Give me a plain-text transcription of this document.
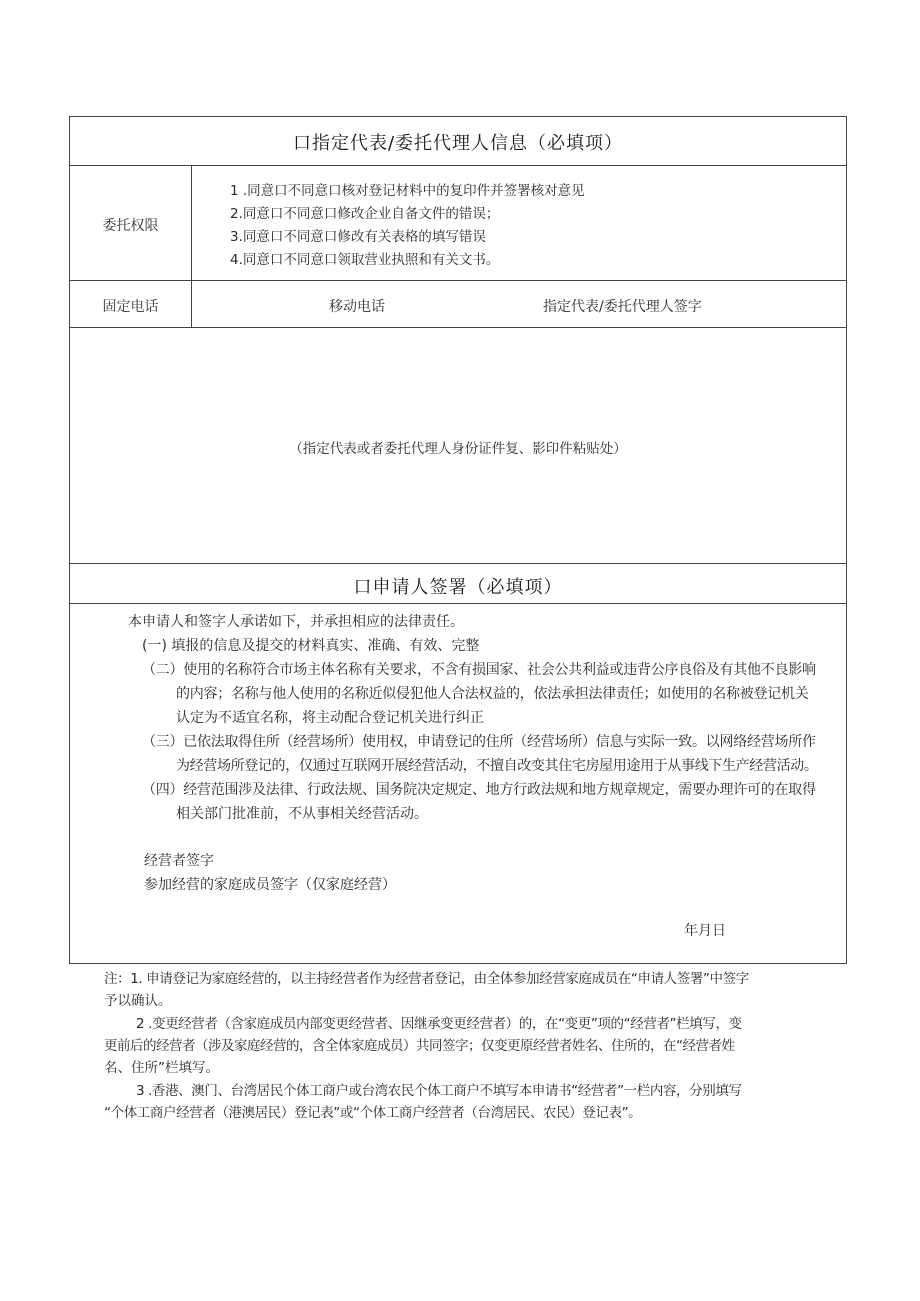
口指定代表/委托代理人信息（必填项）
委托权限
1 .同意口不同意口核对登记材料中的复印件并签署核对意见
2.同意口不同意口修改企业自备文件的错误；
3.同意口不同意口修改有关表格的填写错误
4.同意口不同意口领取营业执照和有关文书。
固定电话	移动电话	指定代表/委托代理人签字
（指定代表或者委托代理人身份证件复、影印件粘贴处）
口申请人签署（必填项）
本申请人和签字人承诺如下，并承担相应的法律责任。
(一) 填报的信息及提交的材料真实、准确、有效、完整
（二）使用的名称符合市场主体名称有关要求，不含有损国家、社会公共利益或违背公序良俗及有其他不良影响
的内容；名称与他人使用的名称近似侵犯他人合法权益的，依法承担法律责任；如使用的名称被登记机关
认定为不适宜名称，将主动配合登记机关进行纠正
（三）已依法取得住所（经营场所）使用权，申请登记的住所（经营场所）信息与实际一致。以网络经营场所作
为经营场所登记的，仅通过互联网开展经营活动，不擅自改变其住宅房屋用途用于从事线下生产经营活动。
（四）经营范围涉及法律、行政法规、国务院决定规定、地方行政法规和地方规章规定，需要办理许可的在取得
相关部门批准前，不从事相关经营活动。
经营者签字
参加经营的家庭成员签字（仅家庭经营）
年月日
注：1. 申请登记为家庭经营的，以主持经营者作为经营者登记，由全体参加经营家庭成员在“申请人签署”中签字
予以确认。
2 .变更经营者（含家庭成员内部变更经营者、因继承变更经营者）的，在“变更”项的“经营者”栏填写，变
更前后的经营者（涉及家庭经营的，含全体家庭成员）共同签字；仅变更原经营者姓名、住所的，在“经营者姓
名、住所”栏填写。
3 .香港、澳门、台湾居民个体工商户或台湾农民个体工商户不填写本申请书“经营者”一栏内容，分别填写
“个体工商户经营者（港澳居民）登记表”或“个体工商户经营者（台湾居民、农民）登记表”。
